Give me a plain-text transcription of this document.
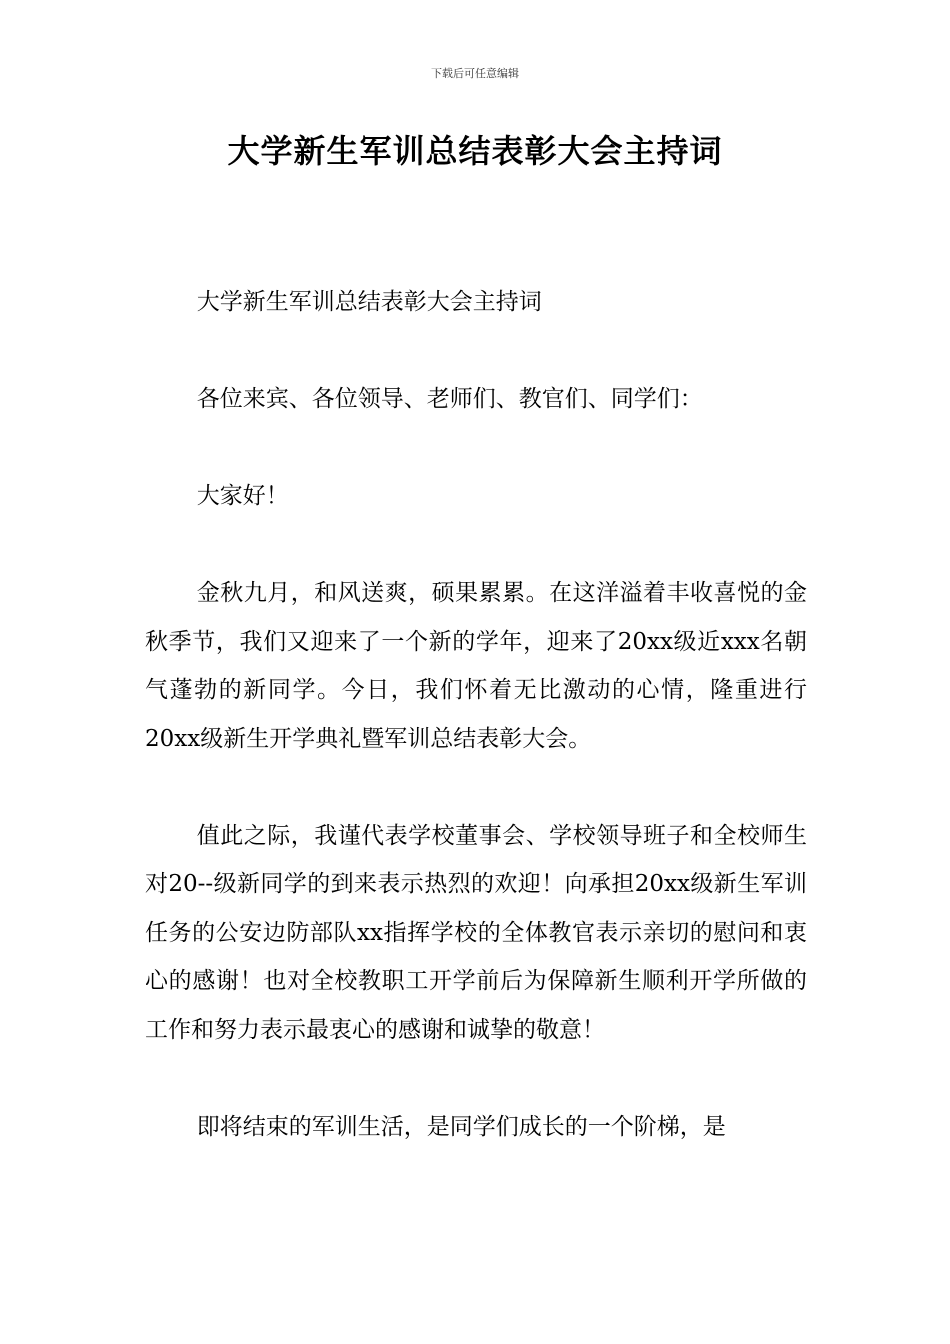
下载后可任意编辑
大学新生军训总结表彰大会主持词

大学新生军训总结表彰大会主持词

各位来宾、各位领导、老师们、教官们、同学们：

大家好！

金秋九月，和风送爽，硕果累累。在这洋溢着丰收喜悦的金秋季节，我们又迎来了一个新的学年，迎来了20xx级近xxx名朝气蓬勃的新同学。今日，我们怀着无比激动的心情，隆重进行20xx级新生开学典礼暨军训总结表彰大会。

值此之际，我谨代表学校董事会、学校领导班子和全校师生对20--级新同学的到来表示热烈的欢迎！向承担20xx级新生军训任务的公安边防部队xx指挥学校的全体教官表示亲切的慰问和衷心的感谢！也对全校教职工开学前后为保障新生顺利开学所做的工作和努力表示最衷心的感谢和诚挚的敬意！

即将结束的军训生活，是同学们成长的一个阶梯，是
